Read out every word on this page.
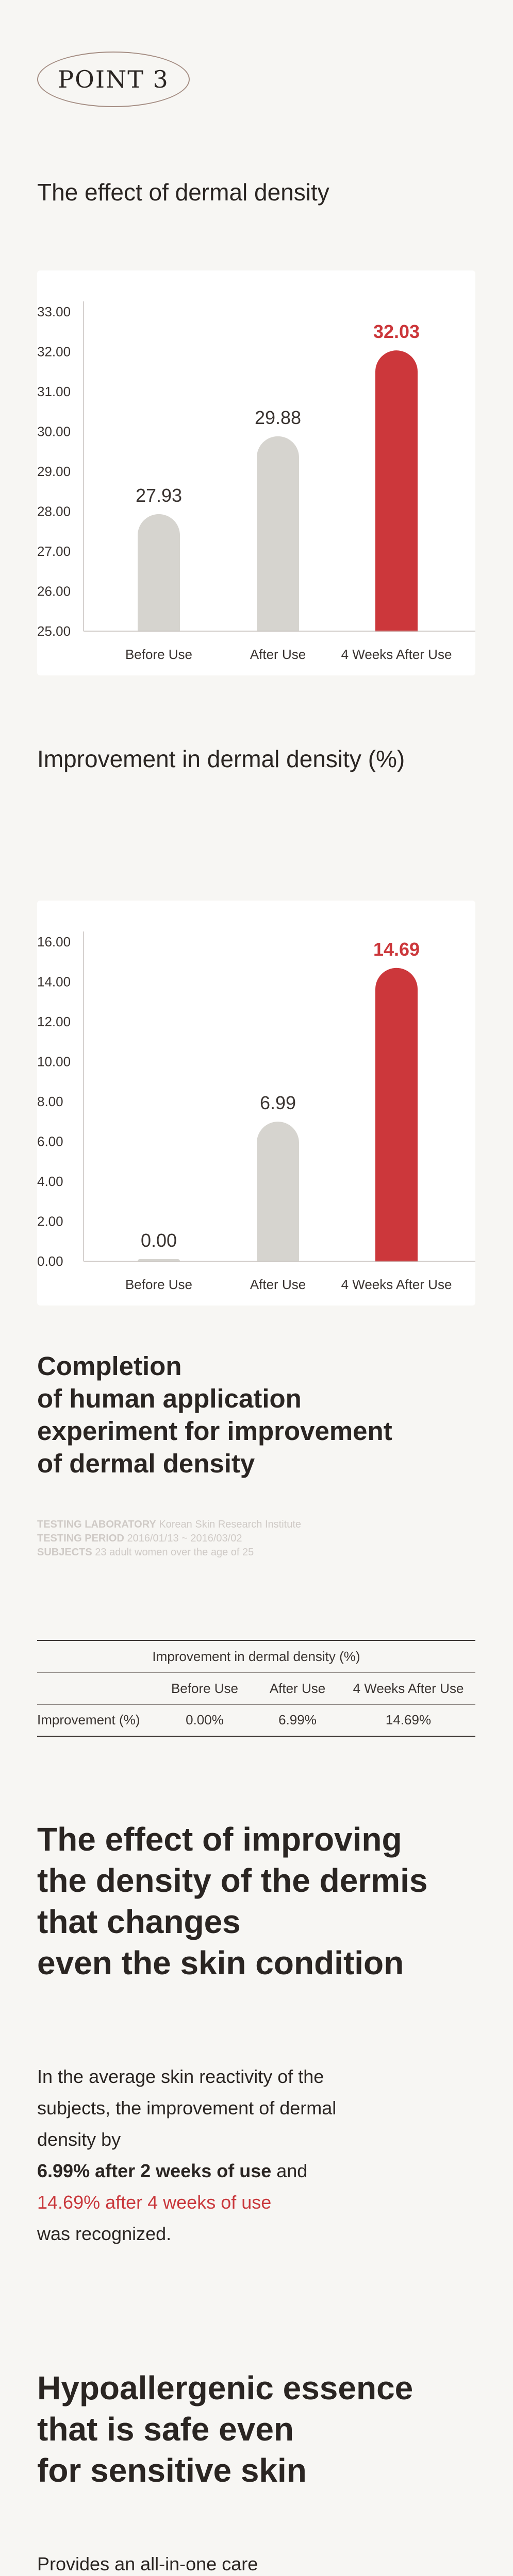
POINT 3
The effect of dermal density
33.00
32.00
31.00
30.00
29.00
28.00
27.00
26.00
25.00
27.93
Before Use
29.88
After Use
32.03
4 Weeks After Use
Improvement in dermal density (%)
16.00
14.00
12.00
10.00
8.00
6.00
4.00
2.00
0.00
0.00
Before Use
6.99
After Use
14.69
4 Weeks After Use
Completion
of human application
experiment for improvement
of dermal density
TESTING LABORATORY Korean Skin Research Institute
TESTING PERIOD 2016/01/13 ~ 2016/03/02
SUBJECTS 23 adult women over the age of 25
Improvement in dermal density (%)			
	Before Use	After Use	4 Weeks After Use
Improvement (%)	0.00%	6.99%	14.69%
The effect of improving
the density of the dermis
that changes
even the skin condition
In the average skin reactivity of the
subjects, the improvement of dermal
density by
6.99% after 2 weeks of use and
14.69% after 4 weeks of use
was recognized.
Hypoallergenic essence
that is safe even
for sensitive skin
Provides an all-in-one care
